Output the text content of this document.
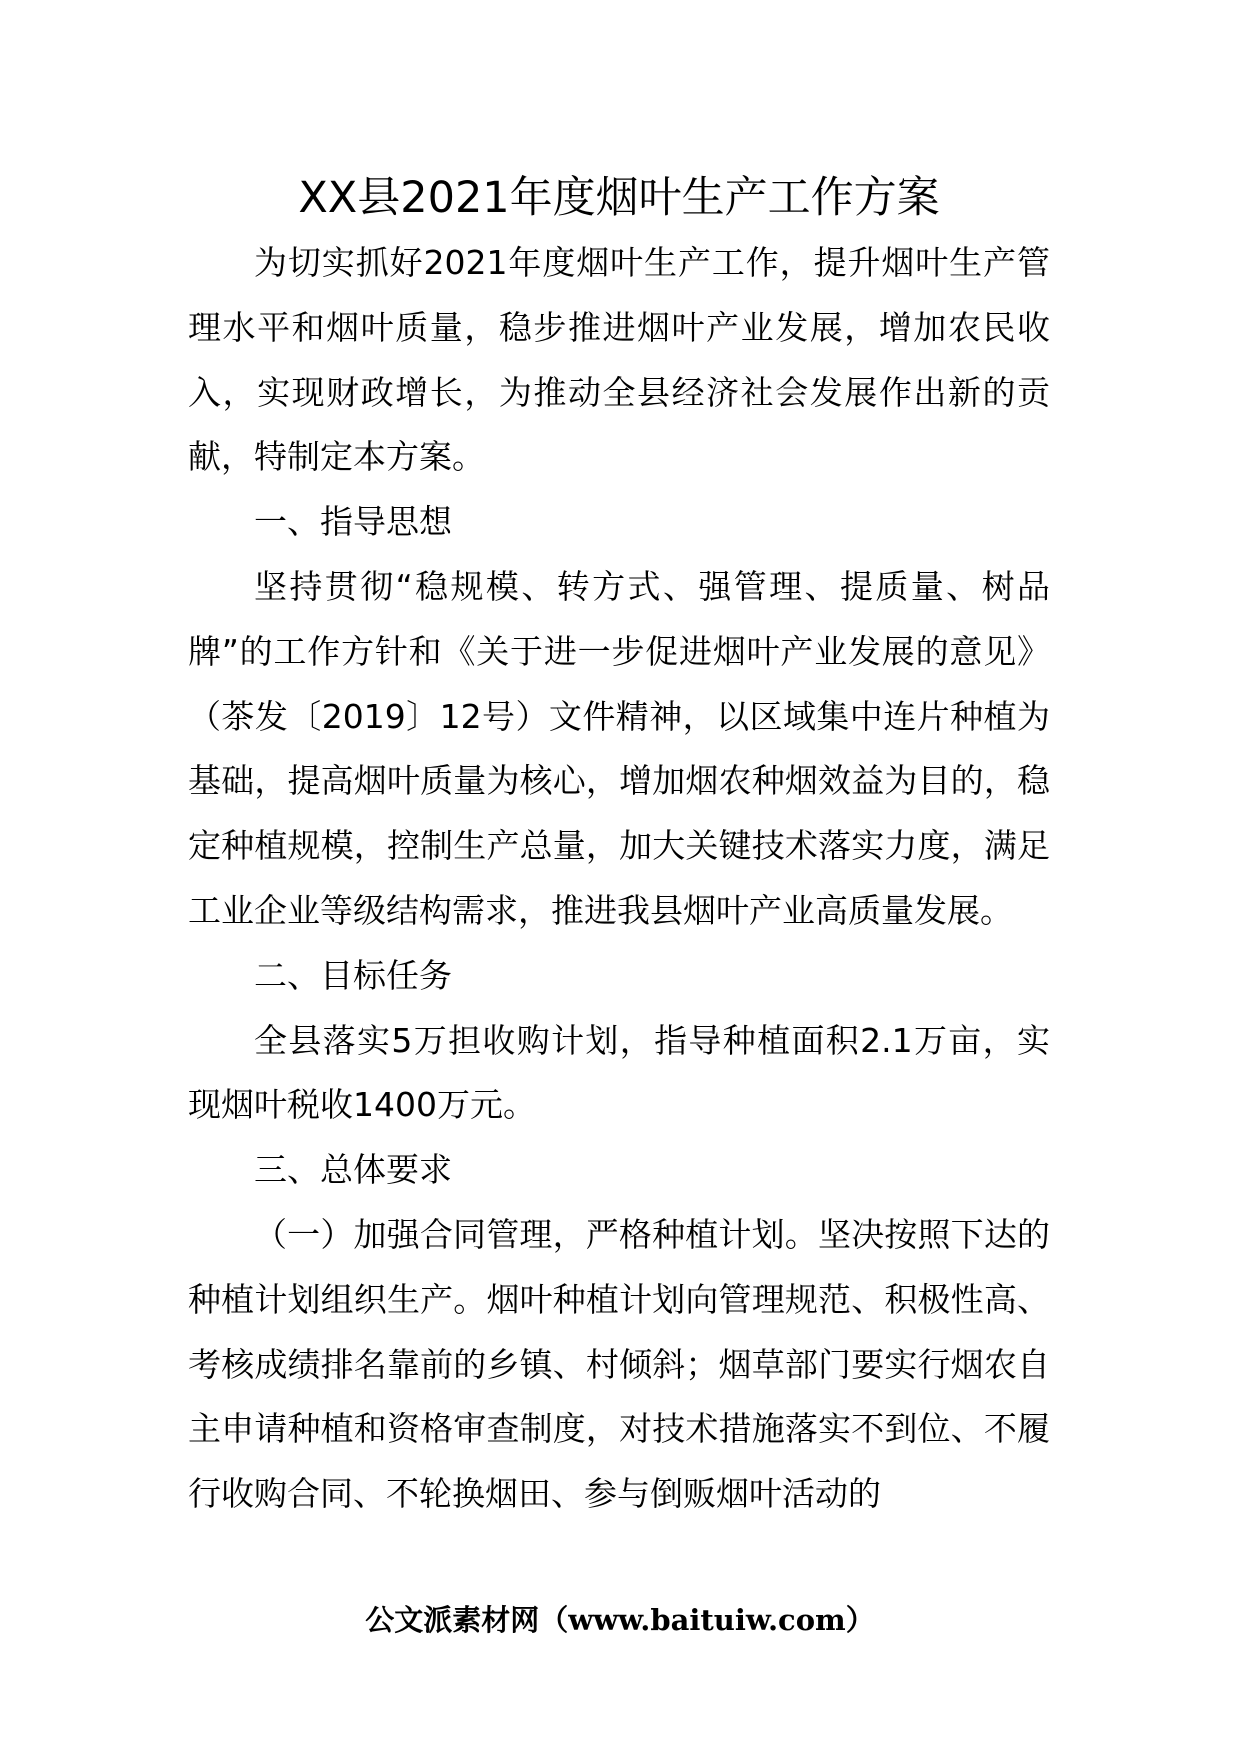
XX县2021年度烟叶生产工作方案

为切实抓好2021年度烟叶生产工作，提升烟叶生产管理水平和烟叶质量，稳步推进烟叶产业发展，增加农民收入，实现财政增长，为推动全县经济社会发展作出新的贡献，特制定本方案。

一、指导思想

坚持贯彻“稳规模、转方式、强管理、提质量、树品牌”的工作方针和《关于进一步促进烟叶产业发展的意见》（茶发〔2019〕12号）文件精神，以区域集中连片种植为基础，提高烟叶质量为核心，增加烟农种烟效益为目的，稳定种植规模，控制生产总量，加大关键技术落实力度，满足工业企业等级结构需求，推进我县烟叶产业高质量发展。

二、目标任务

全县落实5万担收购计划，指导种植面积2.1万亩，实现烟叶税收1400万元。

三、总体要求

（一）加强合同管理，严格种植计划。坚决按照下达的种植计划组织生产。烟叶种植计划向管理规范、积极性高、考核成绩排名靠前的乡镇、村倾斜；烟草部门要实行烟农自主申请种植和资格审查制度，对技术措施落实不到位、不履行收购合同、不轮换烟田、参与倒贩烟叶活动的

公文派素材网（www.baituiw.com）
